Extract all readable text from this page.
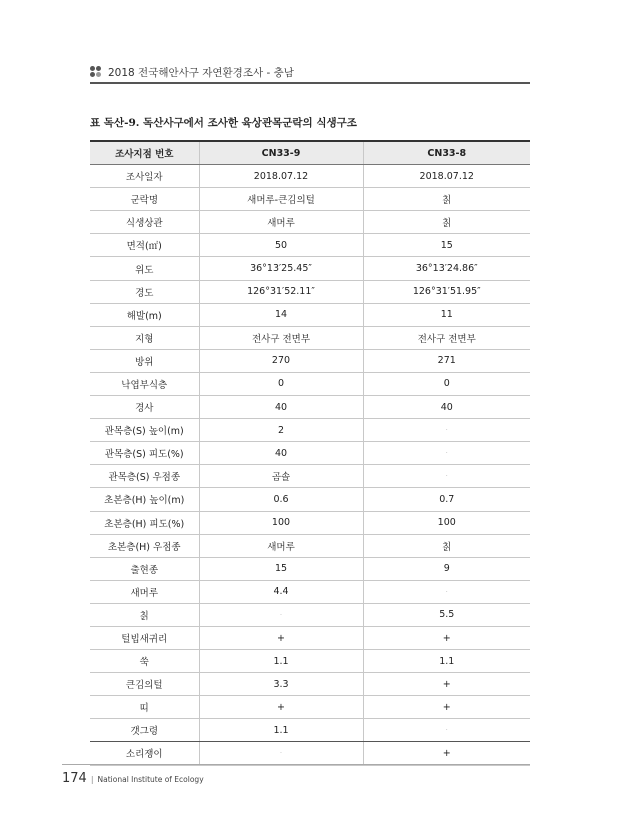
2018 전국해안사구 자연환경조사 - 충남
표 독산-9. 독산사구에서 조사한 육상관목군락의 식생구조
조사지점 번호	CN33-9	CN33-8
조사일자	2018.07.12	2018.07.12
군락명	새머루-큰김의털	칡
식생상관	새머루	칡
면적(㎡)	50	15
위도	36°13′25.45″	36°13′24.86″
경도	126°31′52.11″	126°31′51.95″
해발(m)	14	11
지형	전사구 전면부	전사구 전면부
방위	270	271
낙엽부식층	0	0
경사	40	40
관목층(S) 높이(m)	2	·
관목층(S) 피도(%)	40	·
관목층(S) 우점종	곰솔	·
초본층(H) 높이(m)	0.6	0.7
초본층(H) 피도(%)	100	100
초본층(H) 우점종	새머루	칡
출현종	15	9
새머루	4.4	·
칡	·	5.5
털빕새귀리	+	+
쑥	1.1	1.1
큰김의털	3.3	+
띠	+	+
갯그령	1.1	·
소리쟁이	·	+
174 | National Institute of Ecology
